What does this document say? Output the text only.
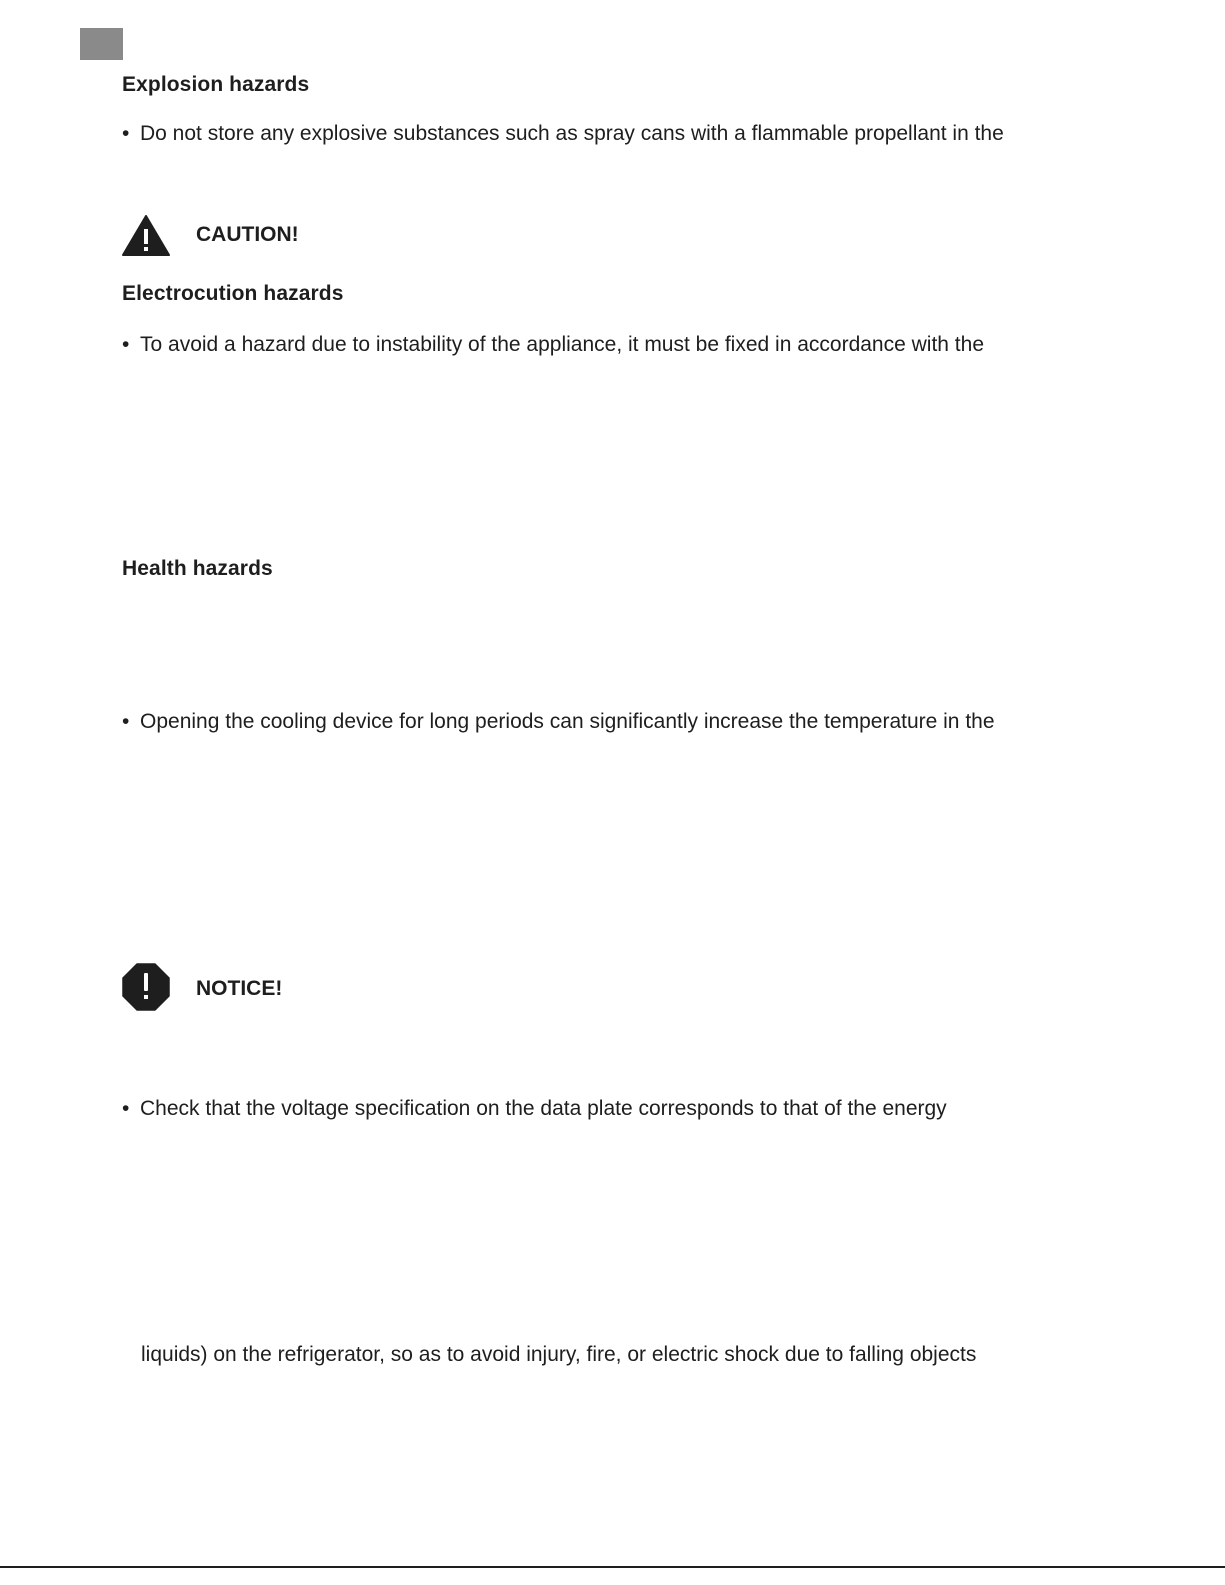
Explosion hazards
• Do not store any explosive substances such as spray cans with a flammable propellant in the
CAUTION!
Electrocution hazards
• To avoid a hazard due to instability of the appliance, it must be fixed in accordance with the
Health hazards
• Opening the cooling device for long periods can significantly increase the temperature in the
NOTICE!
• Check that the voltage specification on the data plate corresponds to that of the energy
liquids) on the refrigerator, so as to avoid injury, fire, or electric shock due to falling objects
